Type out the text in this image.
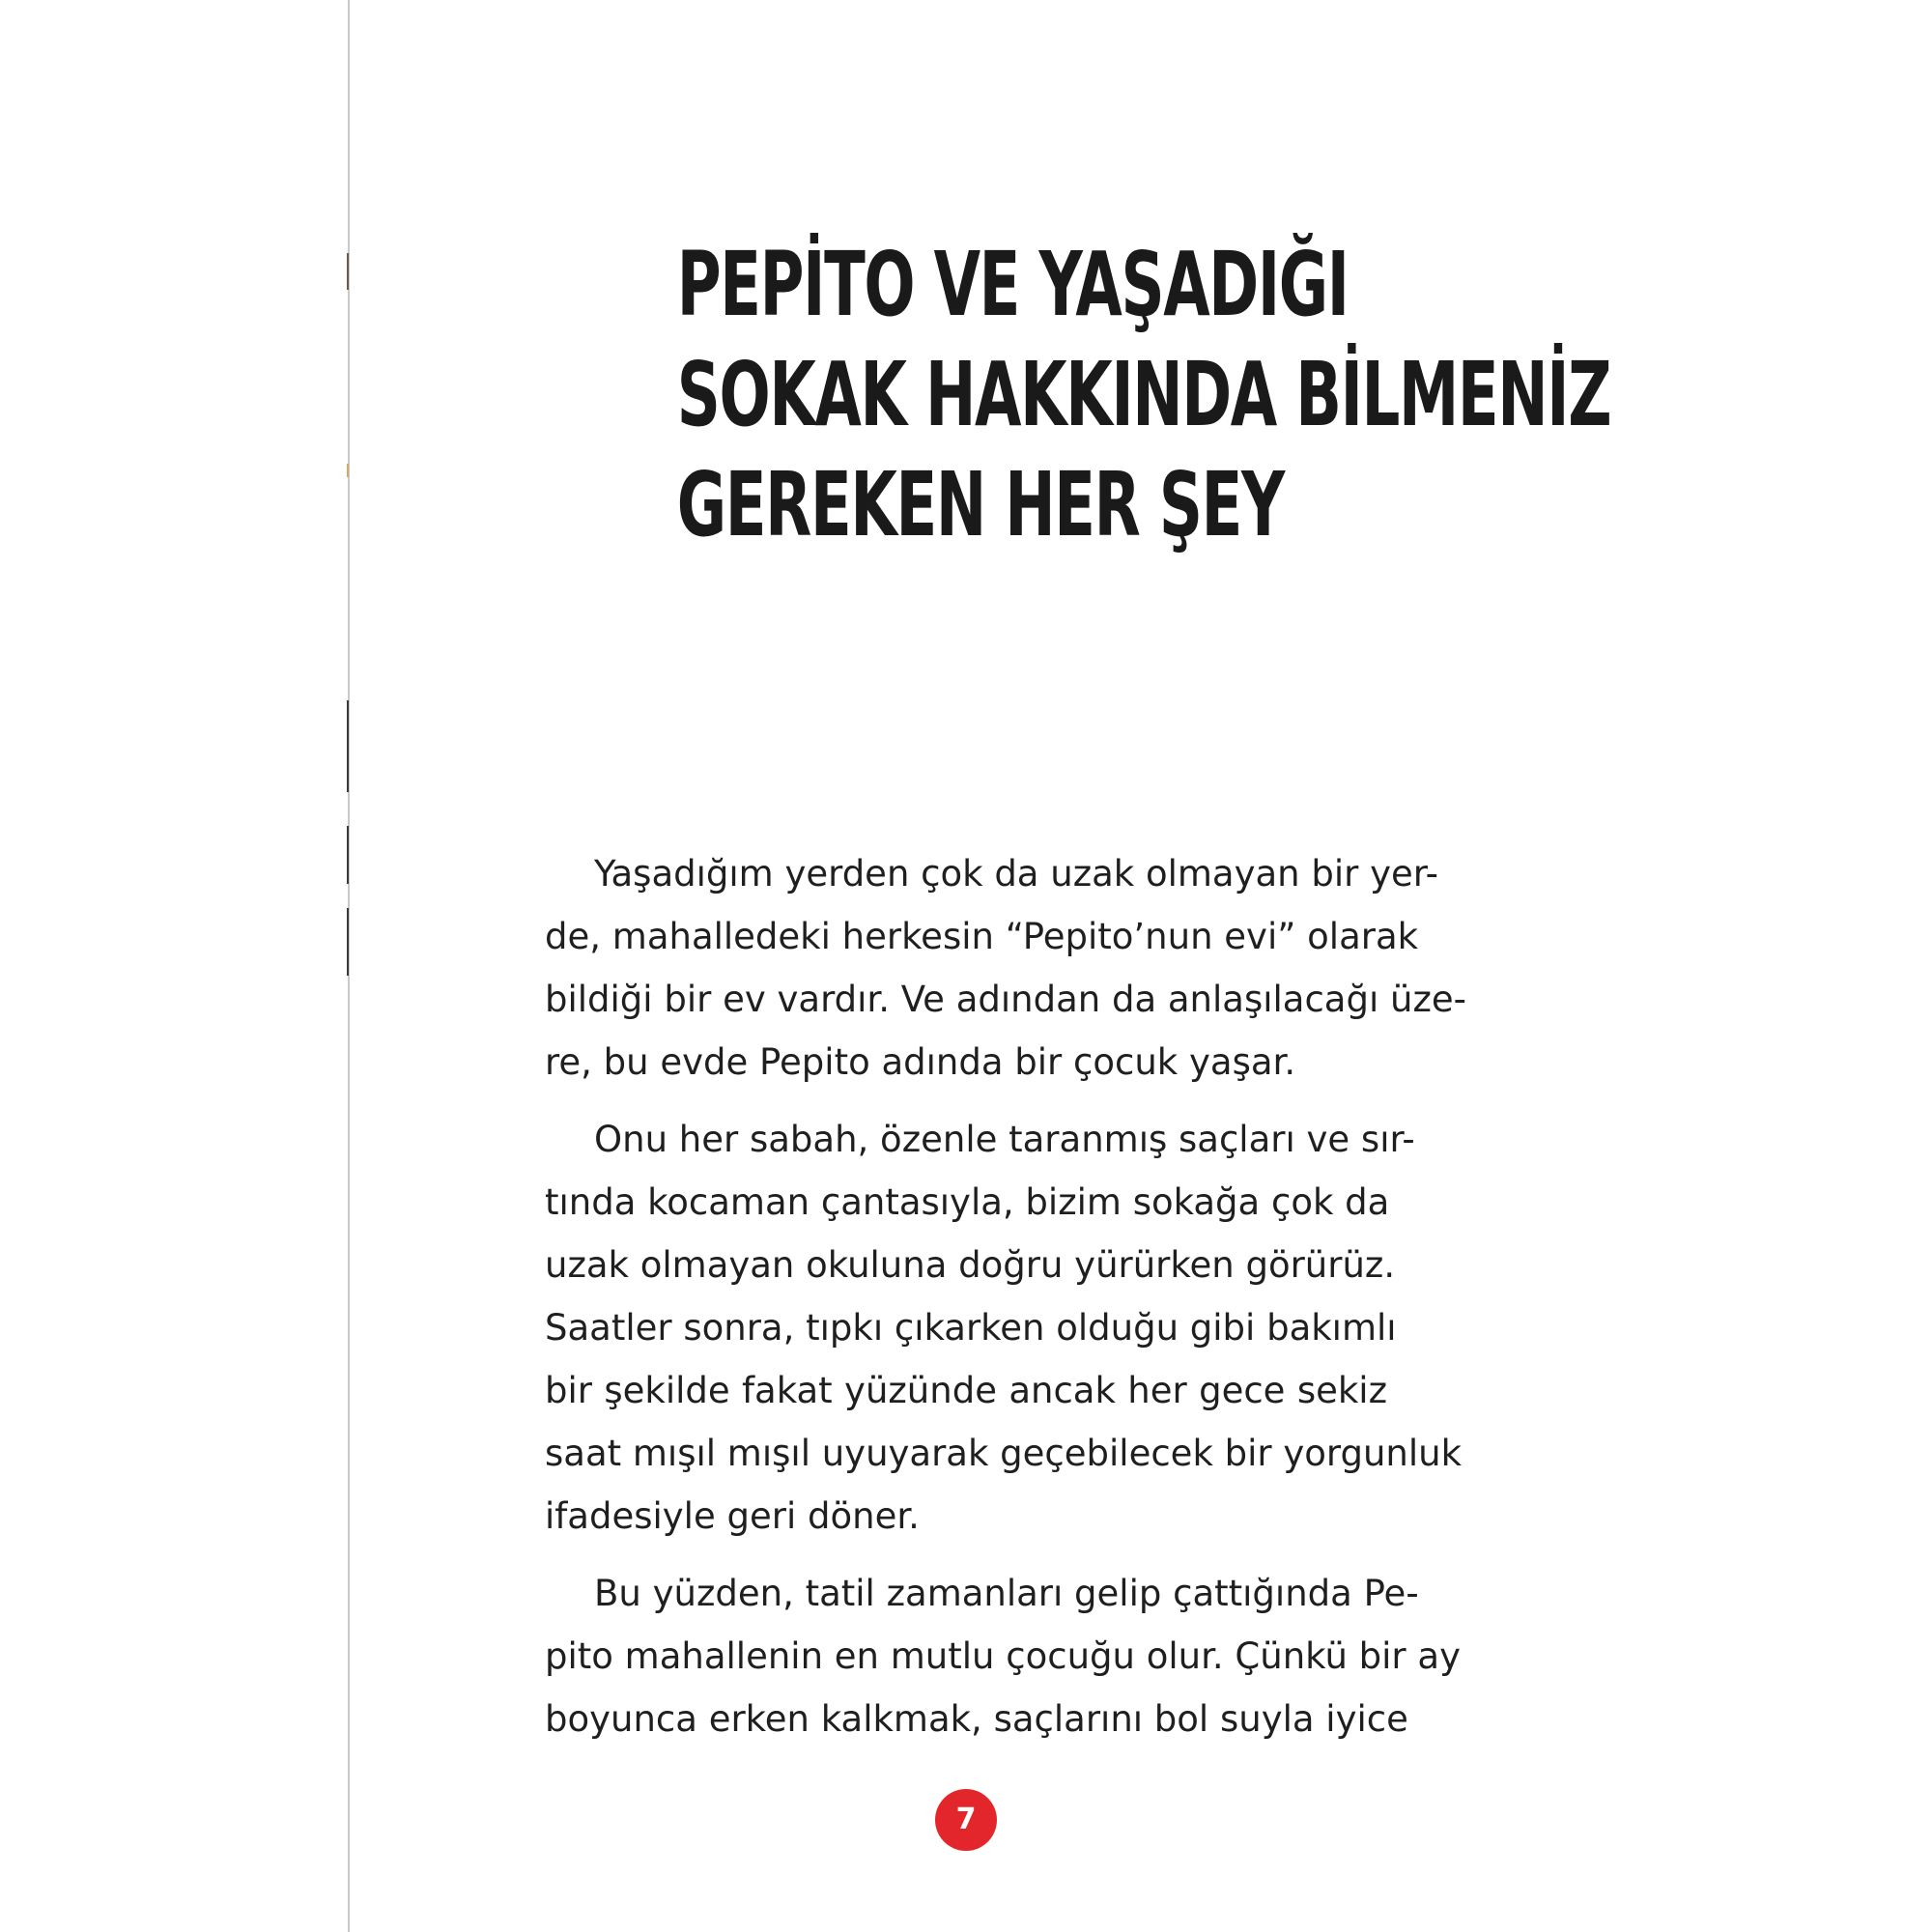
PEPİTO VE YAŞADIĞI
SOKAK HAKKINDA BİLMENİZ
GEREKEN HER ŞEY
Yaşadığım yerden çok da uzak olmayan bir yer-
de, mahalledeki herkesin “Pepito’nun evi” olarak
bildiği bir ev vardır. Ve adından da anlaşılacağı üze-
re, bu evde Pepito adında bir çocuk yaşar.
Onu her sabah, özenle taranmış saçları ve sır-
tında kocaman çantasıyla, bizim sokağa çok da
uzak olmayan okuluna doğru yürürken görürüz.
Saatler sonra, tıpkı çıkarken olduğu gibi bakımlı
bir şekilde fakat yüzünde ancak her gece sekiz
saat mışıl mışıl uyuyarak geçebilecek bir yorgunluk
ifadesiyle geri döner.
Bu yüzden, tatil zamanları gelip çattığında Pe-
pito mahallenin en mutlu çocuğu olur. Çünkü bir ay
boyunca erken kalkmak, saçlarını bol suyla iyice
7
